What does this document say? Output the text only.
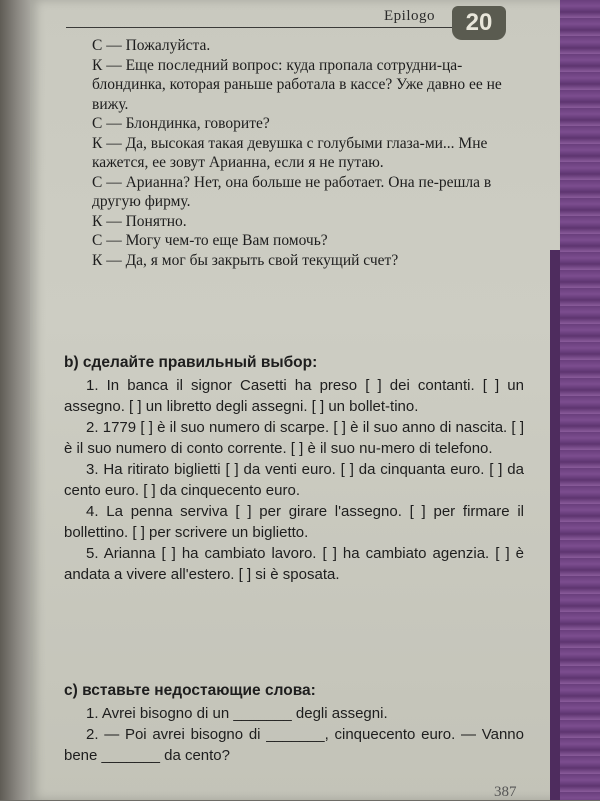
Epilogo	20

С — Пожалуйста.

К — Еще последний вопрос: куда пропала сотрудни-ца-блондинка, которая раньше работала в кассе? Уже давно ее не вижу.

С — Блондинка, говорите?

К — Да, высокая такая девушка с голубыми глаза-ми... Мне кажется, ее зовут Арианна, если я не путаю.

С — Арианна? Нет, она больше не работает. Она пе-решла в другую фирму.

К — Понятно.

С — Могу чем-то еще Вам помочь?

К — Да, я мог бы закрыть свой текущий счет?

b) сделайте правильный выбор:

1. In banca il signor Casetti ha preso [ ] dei contanti. [ ] un assegno. [ ] un libretto degli assegni. [ ] un bollet-tino.

2. 1779 [ ] è il suo numero di scarpe. [ ] è il suo anno di nascita. [ ] è il suo numero di conto corrente. [ ] è il suo nu-mero di telefono.

3. Ha ritirato biglietti [ ] da venti euro. [ ] da cinquanta euro. [ ] da cento euro. [ ] da cinquecento euro.

4. La penna serviva [ ] per girare l'assegno. [ ] per firmare il bollettino. [ ] per scrivere un biglietto.

5. Arianna [ ] ha cambiato lavoro. [ ] ha cambiato agenzia. [ ] è andata a vivere all'estero. [ ] si è sposata.

c) вставьте недостающие слова:

1. Avrei bisogno di un _______ degli assegni.

2. — Poi avrei bisogno di _______, cinquecento euro. — Vanno bene _______ da cento?

387
